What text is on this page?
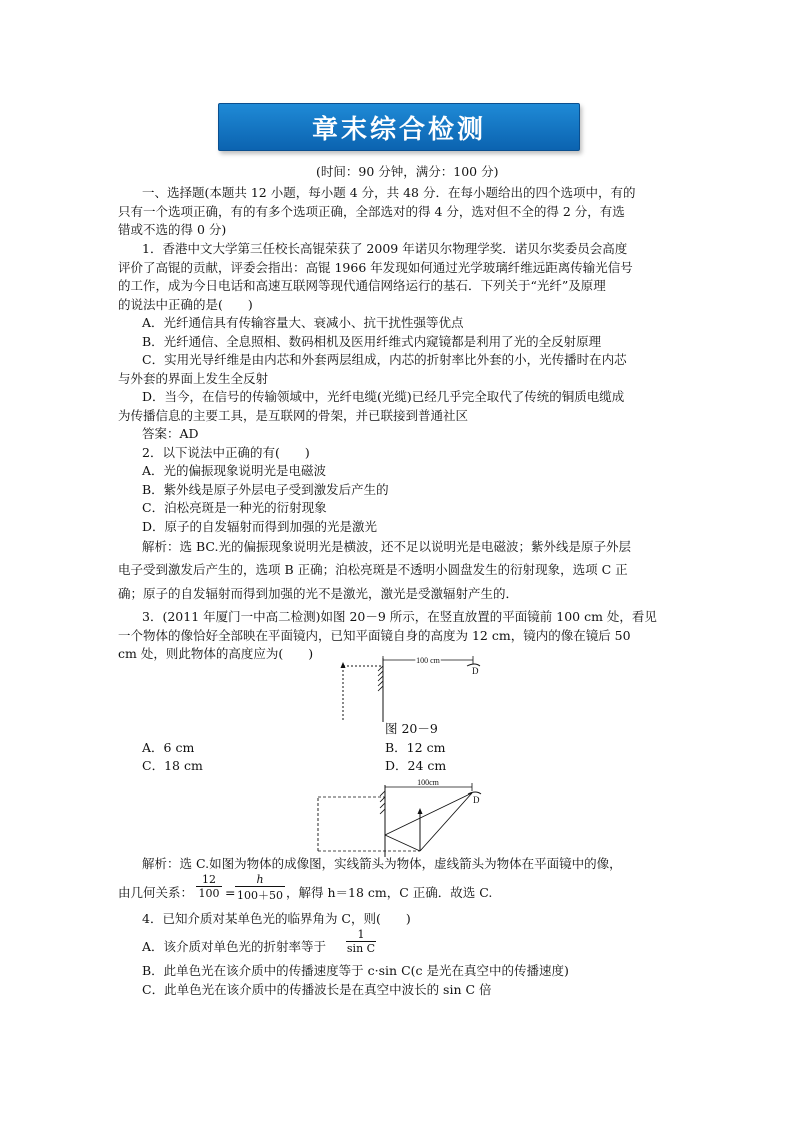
章末综合检测
(时间：90 分钟，满分：100 分)
一、选择题(本题共 12 小题，每小题 4 分，共 48 分．在每小题给出的四个选项中，有的
只有一个选项正确，有的有多个选项正确，全部选对的得 4 分，选对但不全的得 2 分，有选
错或不选的得 0 分)
1．香港中文大学第三任校长高锟荣获了 2009 年诺贝尔物理学奖．诺贝尔奖委员会高度
评价了高锟的贡献，评委会指出：高锟 1966 年发现如何通过光学玻璃纤维远距离传输光信号
的工作，成为今日电话和高速互联网等现代通信网络运行的基石．下列关于“光纤”及原理
的说法中正确的是(　　)
A．光纤通信具有传输容量大、衰减小、抗干扰性强等优点
B．光纤通信、全息照相、数码相机及医用纤维式内窥镜都是利用了光的全反射原理
C．实用光导纤维是由内芯和外套两层组成，内芯的折射率比外套的小，光传播时在内芯
与外套的界面上发生全反射
D．当今，在信号的传输领域中，光纤电缆(光缆)已经几乎完全取代了传统的铜质电缆成
为传播信息的主要工具，是互联网的骨架，并已联接到普通社区
答案：AD
2．以下说法中正确的有(　　)
A．光的偏振现象说明光是电磁波
B．紫外线是原子外层电子受到激发后产生的
C．泊松亮斑是一种光的衍射现象
D．原子的自发辐射而得到加强的光是激光
解析：选 BC.光的偏振现象说明光是横波，还不足以说明光是电磁波；紫外线是原子外层
电子受到激发后产生的，选项 B 正确；泊松亮斑是不透明小圆盘发生的衍射现象，选项 C 正
确；原子的自发辐射而得到加强的光不是激光，激光是受激辐射产生的．
3．(2011 年厦门一中高二检测)如图 20－9 所示，在竖直放置的平面镜前 100 cm 处，看见
一个物体的像恰好全部映在平面镜内，已知平面镜自身的高度为 12 cm，镜内的像在镜后 50
cm 处，则此物体的高度应为(　　)	100 cm
D
图 20－9
A．6 cm	B．12 cm
C．18 cm	D．24 cm
100cm
D
解析：选 C.如图为物体的成像图，实线箭头为物体，虚线箭头为物体在平面镜中的像，
由几何关系： $\frac{12}{100} = \frac{h}{100+50}$ ，解得 h＝18 cm，C 正确．故选 C.
4．已知介质对某单色光的临界角为 C，则(　　)
A．该介质对单色光的折射率等于 $\frac{1}{\text{sin C}}$
B．此单色光在该介质中的传播速度等于 c·sin C(c 是光在真空中的传播速度)
C．此单色光在该介质中的传播波长是在真空中波长的 sin C 倍
